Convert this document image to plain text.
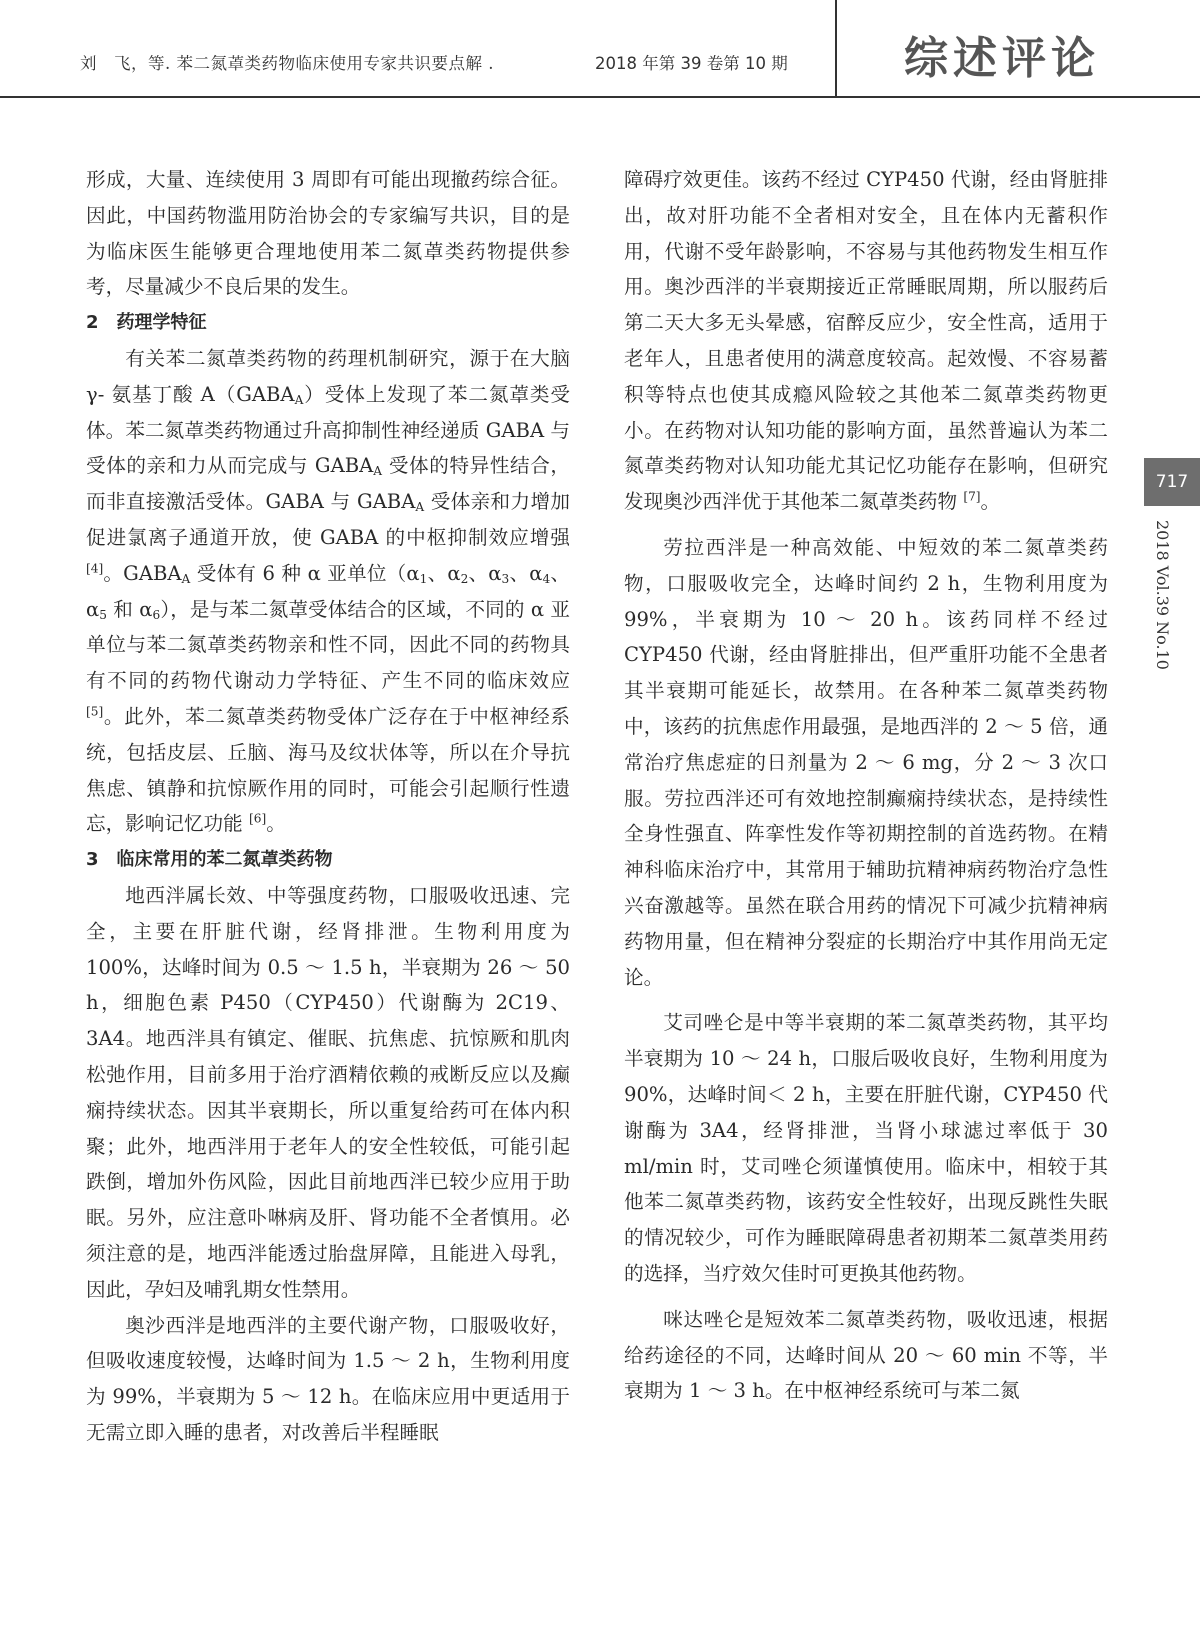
刘　飞，等. 苯二氮䓬类药物临床使用专家共识要点解 .	2018 年第 39 卷第 10 期	综述评论
717
2018 Vol.39 No.10

形成，大量、连续使用 3 周即有可能出现撤药综合征。因此，中国药物滥用防治协会的专家编写共识，目的是为临床医生能够更合理地使用苯二氮䓬类药物提供参考，尽量减少不良后果的发生。

2　药理学特征

有关苯二氮䓬类药物的药理机制研究，源于在大脑 γ- 氨基丁酸 $A(GABA_A)$受体上发现了苯二氮䓬类受体。苯二氮䓬类药物通过升高抑制性神经递质 GABA 与受体的亲和力从而完成与 $GABA_A$ 受体的特异性结合，而非直接激活受体。GABA 与 $GABA_A$ 受体亲和力增加促进氯离子通道开放，使 GABA 的中枢抑制效应增强 [4]。$GABA_A$ 受体有 6 种 α 亚单位（$\alpha_1$、$\alpha_2$、$\alpha_3$、$\alpha_4$、$\alpha_5$ 和 $\alpha_6$），是与苯二氮䓬受体结合的区域，不同的 α 亚单位与苯二氮䓬类药物亲和性不同，因此不同的药物具有不同的药物代谢动力学特征、产生不同的临床效应 [5]。此外，苯二氮䓬类药物受体广泛存在于中枢神经系统，包括皮层、丘脑、海马及纹状体等，所以在介导抗焦虑、镇静和抗惊厥作用的同时，可能会引起顺行性遗忘，影响记忆功能 [6]。

3　临床常用的苯二氮䓬类药物

地西泮属长效、中等强度药物，口服吸收迅速、完全，主要在肝脏代谢，经肾排泄。生物利用度为 100%，达峰时间为 0.5 ～ 1.5 h，半衰期为 26 ～ 50 h，细胞色素 P450（CYP450）代谢酶为 2C19、3A4。地西泮具有镇定、催眠、抗焦虑、抗惊厥和肌肉松弛作用，目前多用于治疗酒精依赖的戒断反应以及癫痫持续状态。因其半衰期长，所以重复给药可在体内积聚；此外，地西泮用于老年人的安全性较低，可能引起跌倒，增加外伤风险，因此目前地西泮已较少应用于助眠。另外，应注意卟啉病及肝、肾功能不全者慎用。必须注意的是，地西泮能透过胎盘屏障，且能进入母乳，因此，孕妇及哺乳期女性禁用。

奥沙西泮是地西泮的主要代谢产物，口服吸收好，但吸收速度较慢，达峰时间为 1.5 ～ 2 h，生物利用度为 99%，半衰期为 5 ～ 12 h。在临床应用中更适用于无需立即入睡的患者，对改善后半程睡眠

障碍疗效更佳。该药不经过 CYP450 代谢，经由肾脏排出，故对肝功能不全者相对安全，且在体内无蓄积作用，代谢不受年龄影响，不容易与其他药物发生相互作用。奥沙西泮的半衰期接近正常睡眠周期，所以服药后第二天大多无头晕感，宿醉反应少，安全性高，适用于老年人，且患者使用的满意度较高。起效慢、不容易蓄积等特点也使其成瘾风险较之其他苯二氮䓬类药物更小。在药物对认知功能的影响方面，虽然普遍认为苯二氮䓬类药物对认知功能尤其记忆功能存在影响，但研究发现奥沙西泮优于其他苯二氮䓬类药物 [7]。

劳拉西泮是一种高效能、中短效的苯二氮䓬类药物，口服吸收完全，达峰时间约 2 h，生物利用度为 99%，半衰期为 10 ～ 20 h。该药同样不经过 CYP450 代谢，经由肾脏排出，但严重肝功能不全患者其半衰期可能延长，故禁用。在各种苯二氮䓬类药物中，该药的抗焦虑作用最强，是地西泮的 2 ～ 5 倍，通常治疗焦虑症的日剂量为 2 ～ 6 mg，分 2 ～ 3 次口服。劳拉西泮还可有效地控制癫痫持续状态，是持续性全身性强直、阵挛性发作等初期控制的首选药物。在精神科临床治疗中，其常用于辅助抗精神病药物治疗急性兴奋激越等。虽然在联合用药的情况下可减少抗精神病药物用量，但在精神分裂症的长期治疗中其作用尚无定论。

艾司唑仑是中等半衰期的苯二氮䓬类药物，其平均半衰期为 10 ～ 24 h，口服后吸收良好，生物利用度为 90%，达峰时间＜ 2 h，主要在肝脏代谢，CYP450 代谢酶为 3A4，经肾排泄，当肾小球滤过率低于 30 ml/min 时，艾司唑仑须谨慎使用。临床中，相较于其他苯二氮䓬类药物，该药安全性较好，出现反跳性失眠的情况较少，可作为睡眠障碍患者初期苯二氮䓬类用药的选择，当疗效欠佳时可更换其他药物。

咪达唑仑是短效苯二氮䓬类药物，吸收迅速，根据给药途径的不同，达峰时间从 20 ～ 60 min 不等，半衰期为 1 ～ 3 h。在中枢神经系统可与苯二氮
